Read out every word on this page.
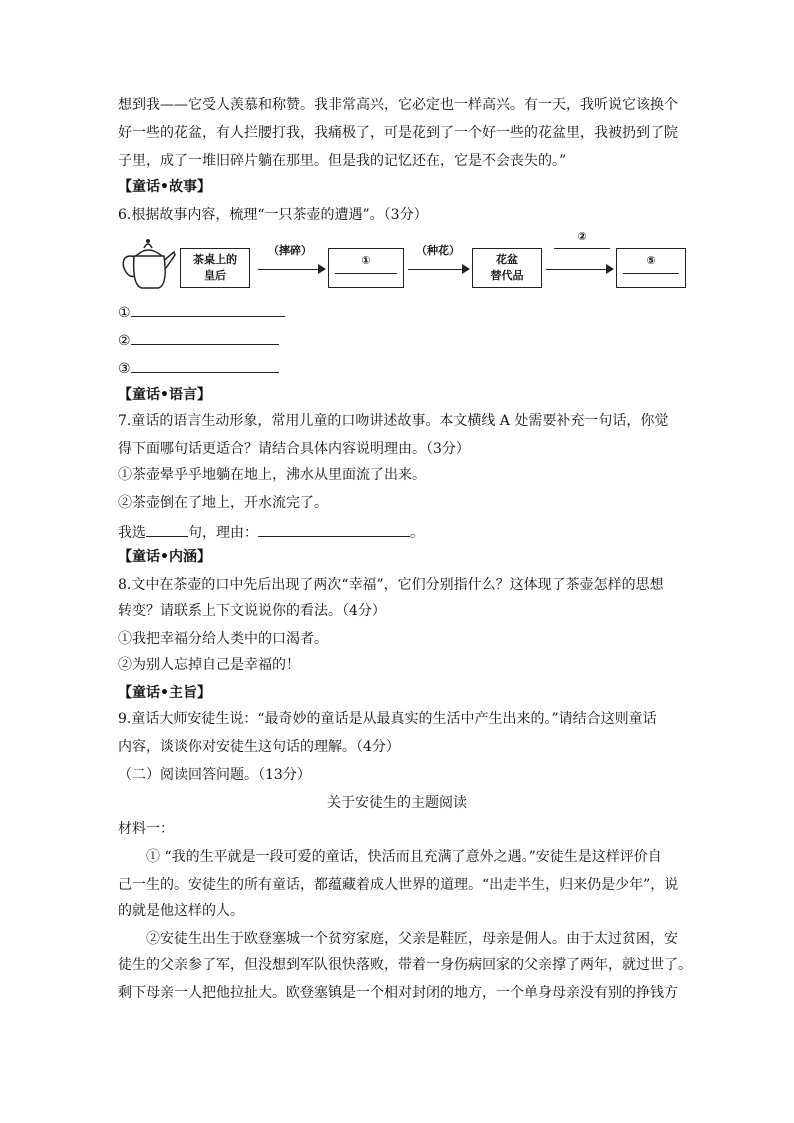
想到我——它受人羡慕和称赞。我非常高兴，它必定也一样高兴。有一天，我听说它该换个
好一些的花盆，有人拦腰打我，我痛极了，可是花到了一个好一些的花盆里，我被扔到了院
子里，成了一堆旧碎片躺在那里。但是我的记忆还在，它是不会丧失的。”
【童话•故事】
6.根据故事内容，梳理“一只茶壶的遭遇”。（3分）
茶桌上的
皇后
（摔碎）
①
（种花）
花盆
替代品
②
⑤
①
②
③
【童话•语言】
7.童话的语言生动形象，常用儿童的口吻讲述故事。本文横线 A 处需要补充一句话，你觉
得下面哪句话更适合？请结合具体内容说明理由。（3分）
①茶壶晕乎乎地躺在地上，沸水从里面流了出来。
②茶壶倒在了地上，开水流完了。
我选	句，理由：	。
【童话•内涵】
8.文中在茶壶的口中先后出现了两次“幸福”，它们分别指什么？这体现了茶壶怎样的思想
转变？请联系上下文说说你的看法。（4分）
①我把幸福分给人类中的口渴者。
②为别人忘掉自己是幸福的！
【童话•主旨】
9.童话大师安徒生说：“最奇妙的童话是从最真实的生活中产生出来的。”请结合这则童话
内容，谈谈你对安徒生这句话的理解。（4分）
（二）阅读回答问题。（13分）
关于安徒生的主题阅读
材料一：
① “我的生平就是一段可爱的童话，快活而且充满了意外之遇。”安徒生是这样评价自
己一生的。安徒生的所有童话，都蕴藏着成人世界的道理。“出走半生，归来仍是少年”，说
的就是他这样的人。
②安徒生出生于欧登塞城一个贫穷家庭，父亲是鞋匠，母亲是佣人。由于太过贫困，安
徒生的父亲参了军，但没想到军队很快落败，带着一身伤病回家的父亲撑了两年，就过世了。
剩下母亲一人把他拉扯大。欧登塞镇是一个相对封闭的地方，一个单身母亲没有别的挣钱方
